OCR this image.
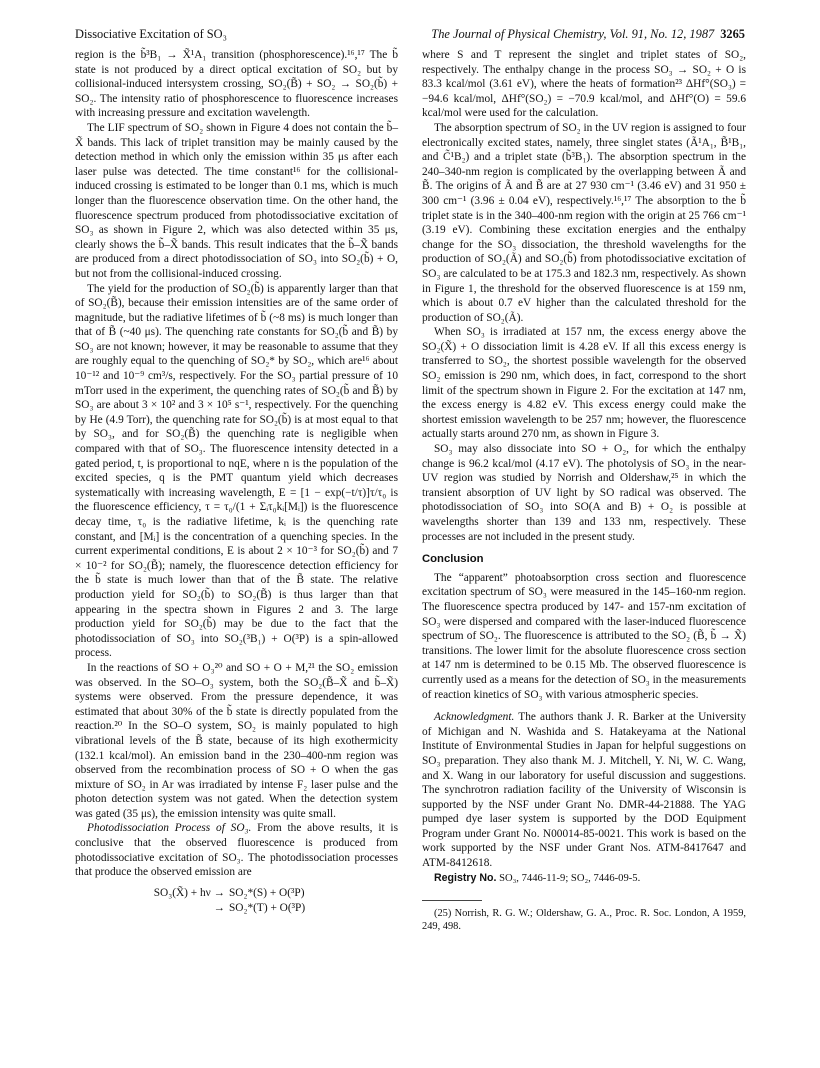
Dissociative Excitation of SO₃	The Journal of Physical Chemistry, Vol. 91, No. 12, 1987 3265

region is the b̃³B₁ → X̃¹A₁ transition (phosphorescence).¹⁶,¹⁷ The b̃ state is not produced by a direct optical excitation of SO₂ but by collisional-induced intersystem crossing, SO₂(B̃) + SO₂ → SO₂(b̃) + SO₂. The intensity ratio of phosphorescence to fluorescence increases with increasing pressure and excitation wavelength.

The LIF spectrum of SO₂ shown in Figure 4 does not contain the b̃–X̃ bands. This lack of triplet transition may be mainly caused by the detection method in which only the emission within 35 μs after each laser pulse was detected. The time constant¹⁶ for the collisional-induced crossing is estimated to be longer than 0.1 ms, which is much longer than the fluorescence observation time. On the other hand, the fluorescence spectrum produced from photodissociative excitation of SO₃ as shown in Figure 2, which was also detected within 35 μs, clearly shows the b̃–X̃ bands. This result indicates that the b̃–X̃ bands are produced from a direct photodissociation of SO₃ into SO₂(b̃) + O, but not from the collisional-induced crossing.

The yield for the production of SO₂(b̃) is apparently larger than that of SO₂(B̃), because their emission intensities are of the same order of magnitude, but the radiative lifetimes of b̃ (~8 ms) is much longer than that of B̃ (~40 μs). The quenching rate constants for SO₂(b̃ and B̃) by SO₃ are not known; however, it may be reasonable to assume that they are roughly equal to the quenching of SO₂* by SO₂, which are¹⁶ about 10⁻¹² and 10⁻⁹ cm³/s, respectively. For the SO₃ partial pressure of 10 mTorr used in the experiment, the quenching rates of SO₂(b̃ and B̃) by SO₃ are about 3 × 10² and 3 × 10⁵ s⁻¹, respectively. For the quenching by He (4.9 Torr), the quenching rate for SO₂(b̃) is at most equal to that by SO₃, and for SO₂(B̃) the quenching rate is negligible when compared with that of SO₃. The fluorescence intensity detected in a gated period, t, is proportional to nqE, where n is the population of the excited species, q is the PMT quantum yield which decreases systematically with increasing wavelength, E = [1 − exp(−t/τ)]τ/τ₀ is the fluorescence efficiency, τ = τ₀/(1 + Σᵢτ₀kᵢ[Mᵢ]) is the fluorescence decay time, τ₀ is the radiative lifetime, kᵢ is the quenching rate constant, and [Mᵢ] is the concentration of a quenching species. In the current experimental conditions, E is about 2 × 10⁻³ for SO₂(b̃) and 7 × 10⁻² for SO₂(B̃); namely, the fluorescence detection efficiency for the b̃ state is much lower than that of the B̃ state. The relative production yield for SO₂(b̃) to SO₂(B̃) is thus larger than that appearing in the spectra shown in Figures 2 and 3. The large production yield for SO₂(b̃) may be due to the fact that the photodissociation of SO₃ into SO₂(³B₁) + O(³P) is a spin-allowed process.

In the reactions of SO + O₃²⁰ and SO + O + M,²¹ the SO₂ emission was observed. In the SO–O₃ system, both the SO₂(B̃–X̃ and b̃–X̃) systems were observed. From the pressure dependence, it was estimated that about 30% of the b̃ state is directly populated from the reaction.²⁰ In the SO–O system, SO₂ is mainly populated to high vibrational levels of the B̃ state, because of its high exothermicity (132.1 kcal/mol). An emission band in the 230–400-nm region was observed from the recombination process of SO + O when the gas mixture of SO₂ in Ar was irradiated by intense F₂ laser pulse and the photon detection system was not gated. When the detection system was gated (35 μs), the emission intensity was quite small.

Photodissociation Process of SO₃. From the above results, it is conclusive that the observed fluorescence is produced from photodissociative excitation of SO₃. The photodissociation processes that produce the observed emission are

SO₃(X̃) + hν → SO₂*(S) + O(³P)
→ SO₂*(T) + O(³P)

where S and T represent the singlet and triplet states of SO₂, respectively. The enthalpy change in the process SO₃ → SO₂ + O is 83.3 kcal/mol (3.61 eV), where the heats of formation²³ ΔHf°(SO₃) = −94.6 kcal/mol, ΔHf°(SO₂) = −70.9 kcal/mol, and ΔHf°(O) = 59.6 kcal/mol were used for the calculation.

The absorption spectrum of SO₂ in the UV region is assigned to four electronically excited states, namely, three singlet states (Ã¹A₁, B̃¹B₁, and C̃¹B₂) and a triplet state (b̃³B₁). The absorption spectrum in the 240–340-nm region is complicated by the overlapping between Ã and B̃. The origins of Ã and B̃ are at 27 930 cm⁻¹ (3.46 eV) and 31 950 ± 300 cm⁻¹ (3.96 ± 0.04 eV), respectively.¹⁶,¹⁷ The absorption to the b̃ triplet state is in the 340–400-nm region with the origin at 25 766 cm⁻¹ (3.19 eV). Combining these excitation energies and the enthalpy change for the SO₃ dissociation, the threshold wavelengths for the production of SO₂(Ã) and SO₂(b̃) from photodissociative excitation of SO₃ are calculated to be at 175.3 and 182.3 nm, respectively. As shown in Figure 1, the threshold for the observed fluorescence is at 159 nm, which is about 0.7 eV higher than the calculated threshold for the production of SO₂(Ã).

When SO₃ is irradiated at 157 nm, the excess energy above the SO₂(X̃) + O dissociation limit is 4.28 eV. If all this excess energy is transferred to SO₂, the shortest possible wavelength for the observed SO₂ emission is 290 nm, which does, in fact, correspond to the short limit of the spectrum shown in Figure 2. For the excitation at 147 nm, the excess energy is 4.82 eV. This excess energy could make the shortest emission wavelength to be 257 nm; however, the fluorescence actually starts around 270 nm, as shown in Figure 3.

SO₃ may also dissociate into SO + O₂, for which the enthalpy change is 96.2 kcal/mol (4.17 eV). The photolysis of SO₃ in the near-UV region was studied by Norrish and Oldershaw,²⁵ in which the transient absorption of UV light by SO radical was observed. The photodissociation of SO₃ into SO(A and B) + O₂ is possible at wavelengths shorter than 139 and 133 nm, respectively. These processes are not included in the present study.

Conclusion

The “apparent” photoabsorption cross section and fluorescence excitation spectrum of SO₃ were measured in the 145–160-nm region. The fluorescence spectra produced by 147- and 157-nm excitation of SO₃ were dispersed and compared with the laser-induced fluorescence spectrum of SO₂. The fluorescence is attributed to the SO₂ (B̃, b̃ → X̃) transitions. The lower limit for the absolute fluorescence cross section at 147 nm is determined to be 0.15 Mb. The observed fluorescence is currently used as a means for the detection of SO₃ in the measurements of reaction kinetics of SO₃ with various atmospheric species.

Acknowledgment. The authors thank J. R. Barker at the University of Michigan and N. Washida and S. Hatakeyama at the National Institute of Environmental Studies in Japan for helpful suggestions on SO₃ preparation. They also thank M. J. Mitchell, Y. Ni, W. C. Wang, and X. Wang in our laboratory for useful discussion and suggestions. The synchrotron radiation facility of the University of Wisconsin is supported by the NSF under Grant No. DMR-44-21888. The YAG pumped dye laser system is supported by the DOD Equipment Program under Grant No. N00014-85-0021. This work is based on the work supported by the NSF under Grant Nos. ATM-8417647 and ATM-8412618.

Registry No. SO₃, 7446-11-9; SO₂, 7446-09-5.

(25) Norrish, R. G. W.; Oldershaw, G. A., Proc. R. Soc. London, A 1959, 249, 498.
